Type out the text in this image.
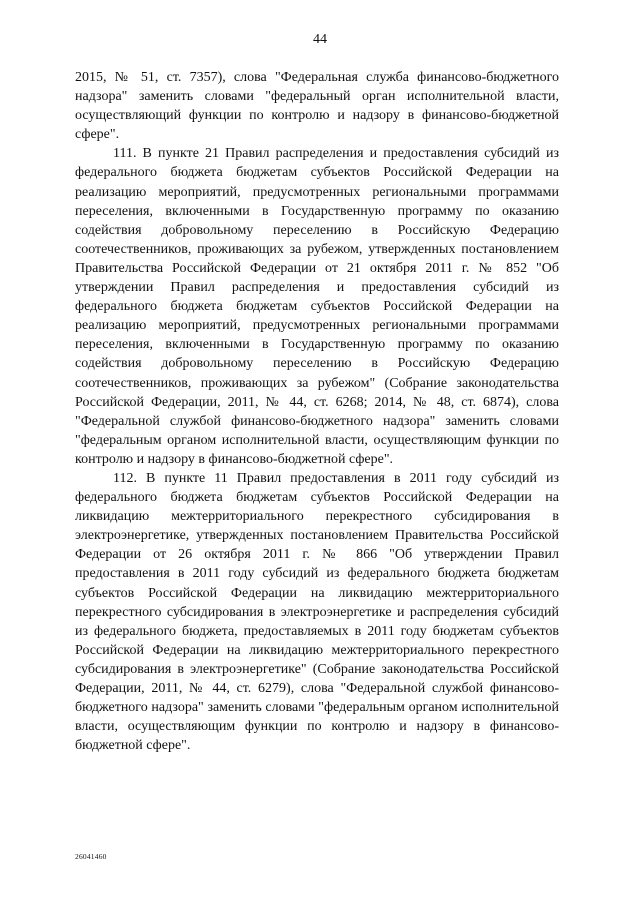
44

2015, № 51, ст. 7357), слова "Федеральная служба финансово-бюджетного надзора" заменить словами "федеральный орган исполнительной власти, осуществляющий функции по контролю и надзору в финансово-бюджетной сфере".

111. В пункте 21 Правил распределения и предоставления субсидий из федерального бюджета бюджетам субъектов Российской Федерации на реализацию мероприятий, предусмотренных региональными программами переселения, включенными в Государственную программу по оказанию содействия добровольному переселению в Российскую Федерацию соотечественников, проживающих за рубежом, утвержденных постановлением Правительства Российской Федерации от 21 октября 2011 г. № 852 "Об утверждении Правил распределения и предоставления субсидий из федерального бюджета бюджетам субъектов Российской Федерации на реализацию мероприятий, предусмотренных региональными программами переселения, включенными в Государственную программу по оказанию содействия добровольному переселению в Российскую Федерацию соотечественников, проживающих за рубежом" (Собрание законодательства Российской Федерации, 2011, № 44, ст. 6268; 2014, № 48, ст. 6874), слова "Федеральной службой финансово-бюджетного надзора" заменить словами "федеральным органом исполнительной власти, осуществляющим функции по контролю и надзору в финансово-бюджетной сфере".

112. В пункте 11 Правил предоставления в 2011 году субсидий из федерального бюджета бюджетам субъектов Российской Федерации на ликвидацию межтерриториального перекрестного субсидирования в электроэнергетике, утвержденных постановлением Правительства Российской Федерации от 26 октября 2011 г. № 866 "Об утверждении Правил предоставления в 2011 году субсидий из федерального бюджета бюджетам субъектов Российской Федерации на ликвидацию межтерриториального перекрестного субсидирования в электроэнергетике и распределения субсидий из федерального бюджета, предоставляемых в 2011 году бюджетам субъектов Российской Федерации на ликвидацию межтерриториального перекрестного субсидирования в электроэнергетике" (Собрание законодательства Российской Федерации, 2011, № 44, ст. 6279), слова "Федеральной службой финансово-бюджетного надзора" заменить словами "федеральным органом исполнительной власти, осуществляющим функции по контролю и надзору в финансово-бюджетной сфере".

26041460
